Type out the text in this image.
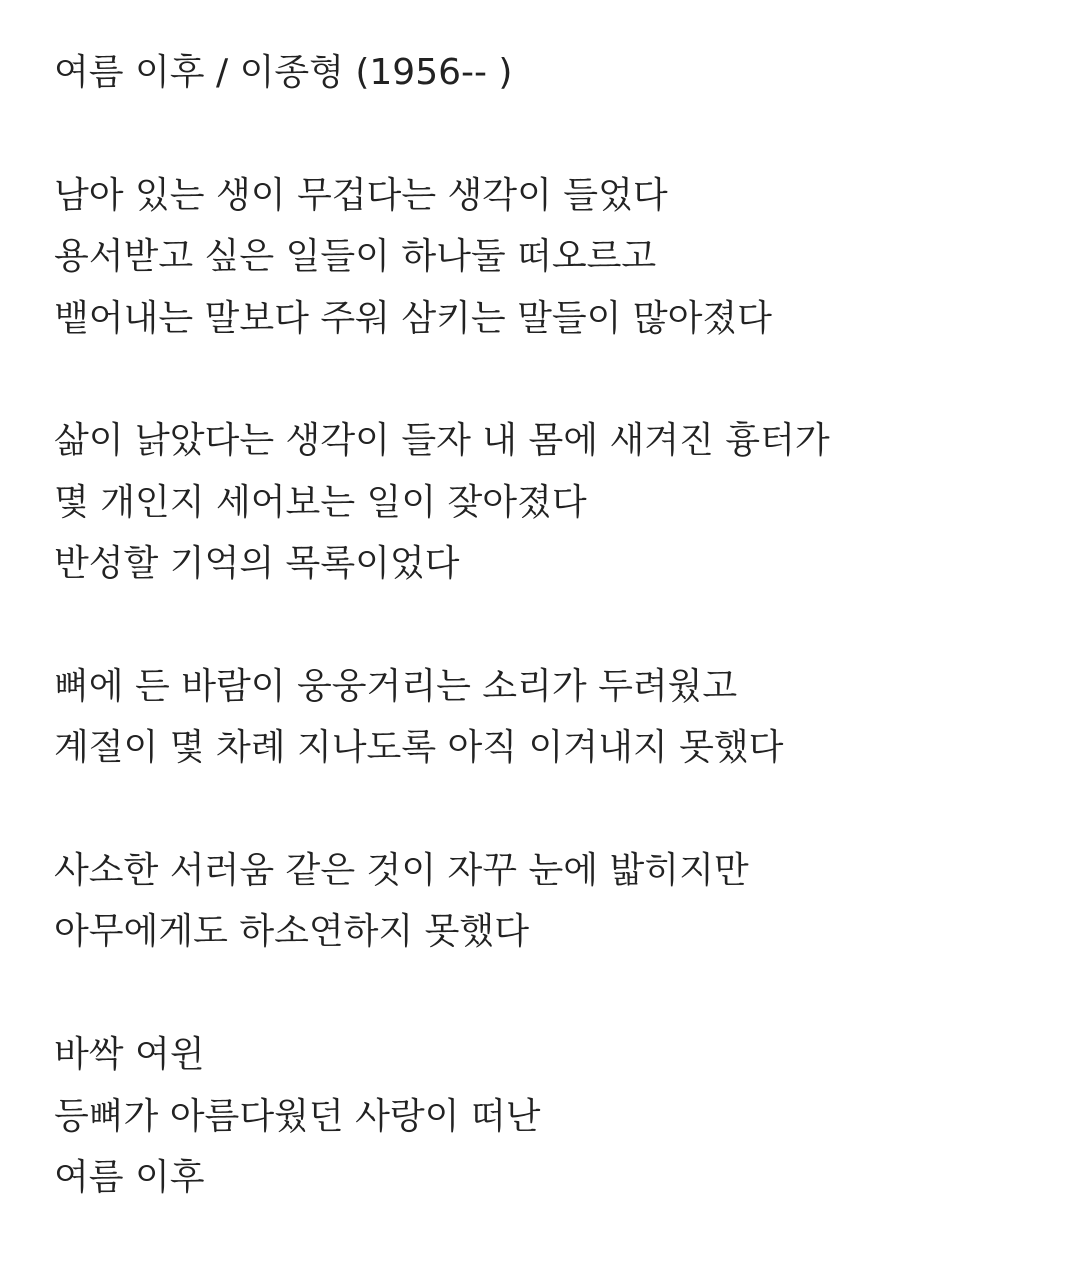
여름 이후 / 이종형 (1956-- )
남아 있는 생이 무겁다는 생각이 들었다
용서받고 싶은 일들이 하나둘 떠오르고
뱉어내는 말보다 주워 삼키는 말들이 많아졌다
삶이 낡았다는 생각이 들자 내 몸에 새겨진 흉터가
몇 개인지 세어보는 일이 잦아졌다
반성할 기억의 목록이었다
뼈에 든 바람이 웅웅거리는 소리가 두려웠고
계절이 몇 차례 지나도록 아직 이겨내지 못했다
사소한 서러움 같은 것이 자꾸 눈에 밟히지만
아무에게도 하소연하지 못했다
바싹 여윈
등뼈가 아름다웠던 사랑이 떠난
여름 이후
